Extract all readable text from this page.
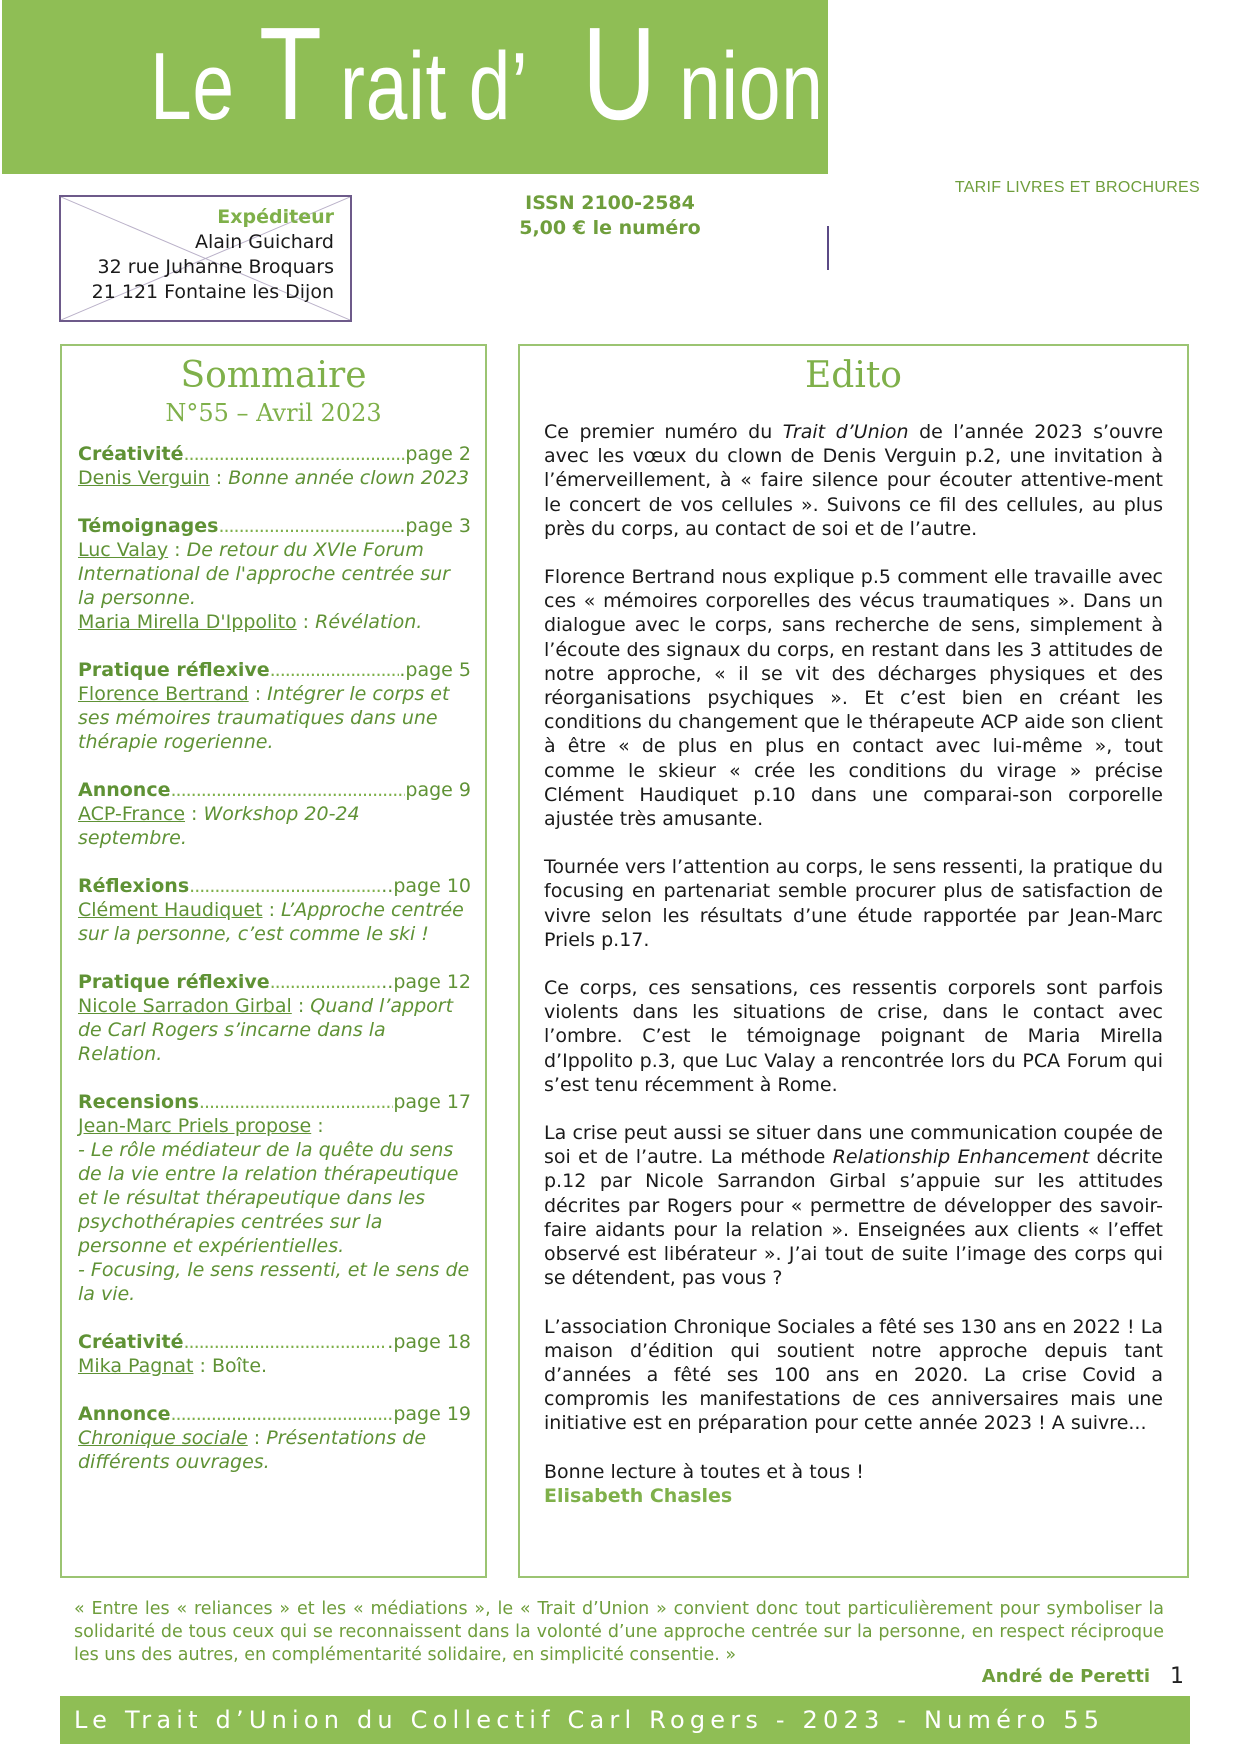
LeT rait d’ U nion
Expéditeur
Alain Guichard
32 rue Juhanne Broquars
21 121 Fontaine les Dijon
ISSN 2100-2584
5,00 € le numéro
TARIF LIVRES ET BROCHURES
Sommaire
N°55 – Avril 2023
Créativité .....	page 2
Denis Verguin : Bonne année clown 2023
Témoignages .....	.page 3
Luc Valay : De retour du XVIe Forum International de l'approche centrée sur la personne.
Maria Mirella D'Ippolito : Révélation.
Pratique réflexive .....	.page 5
Florence Bertrand : Intégrer le corps et ses mémoires traumatiques dans une thérapie rogerienne.
Annonce .....	page 9
ACP-France : Workshop 20-24 septembre.
Réflexions .....	..page 10
Clément Haudiquet : L’Approche centrée sur la personne, c’est comme le ski !
Pratique réflexive .....	..page 12
Nicole Sarradon Girbal : Quand l’apport de Carl Rogers s’incarne dans la Relation.
Recensions .....	page 17
Jean-Marc Priels propose :
- Le rôle médiateur de la quête du sens de la vie entre la relation thérapeutique et le résultat thérapeutique dans les psychothérapies centrées sur la personne et expérientielles.
- Focusing, le sens ressenti, et le sens de la vie.
Créativité .....	.page 18
Mika Pagnat : Boîte.
Annonce .....	page 19
Chronique sociale : Présentations de différents ouvrages.
Edito

Ce premier numéro du Trait d’Union de l’année 2023 s’ouvre avec les vœux du clown de Denis Verguin p.2, une invitation à l’émerveillement, à « faire silence pour écouter attentive-ment le concert de vos cellules ». Suivons ce fil des cellules, au plus près du corps, au contact de soi et de l’autre.

Florence Bertrand nous explique p.5 comment elle travaille avec ces « mémoires corporelles des vécus traumatiques ». Dans un dialogue avec le corps, sans recherche de sens, simplement à l’écoute des signaux du corps, en restant dans les 3 attitudes de notre approche, « il se vit des décharges physiques et des réorganisations psychiques ». Et c’est bien en créant les conditions du changement que le thérapeute ACP aide son client à être « de plus en plus en contact avec lui-même », tout comme le skieur « crée les conditions du virage » précise Clément Haudiquet p.10 dans une comparai-son corporelle ajustée très amusante.

Tournée vers l’attention au corps, le sens ressenti, la pratique du focusing en partenariat semble procurer plus de satisfaction de vivre selon les résultats d’une étude rapportée par Jean-Marc Priels p.17.

Ce corps, ces sensations, ces ressentis corporels sont parfois violents dans les situations de crise, dans le contact avec l’ombre. C’est le témoignage poignant de Maria Mirella d’Ippolito p.3, que Luc Valay a rencontrée lors du PCA Forum qui s’est tenu récemment à Rome.

La crise peut aussi se situer dans une communication coupée de soi et de l’autre. La méthode Relationship Enhancement décrite p.12 par Nicole Sarrandon Girbal s’appuie sur les attitudes décrites par Rogers pour « permettre de développer des savoir-faire aidants pour la relation ». Enseignées aux clients « l’effet observé est libérateur ». J’ai tout de suite l’image des corps qui se détendent, pas vous ?

L’association Chronique Sociales a fêté ses 130 ans en 2022 ! La maison d’édition qui soutient notre approche depuis tant d’années a fêté ses 100 ans en 2020. La crise Covid a compromis les manifestations de ces anniversaires mais une initiative est en préparation pour cette année 2023 ! A suivre...

Bonne lecture à toutes et à tous !
Elisabeth Chasles
« Entre les « reliances » et les « médiations », le « Trait d’Union » convient donc tout particulièrement pour symboliser la solidarité de tous ceux qui se reconnaissent dans la volonté d’une approche centrée sur la personne, en respect réciproque les uns des autres, en complémentarité solidaire, en simplicité consentie. »
André de Peretti 1
Le Trait d’Union du Collectif Carl Rogers - 2023 - Numéro 55
